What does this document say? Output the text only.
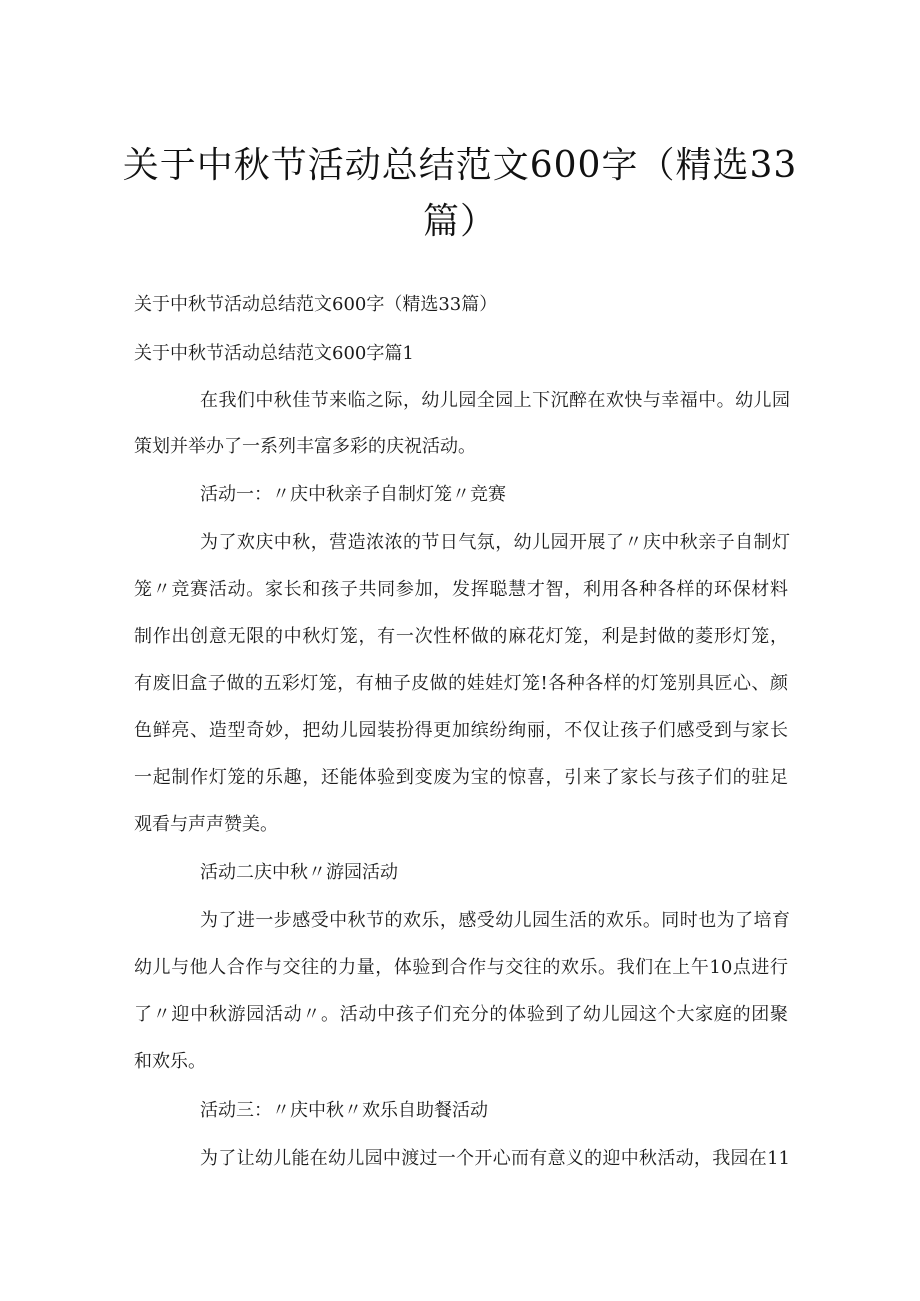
关于中秋节活动总结范文600字（精选33篇）
关于中秋节活动总结范文600字（精选33篇）
关于中秋节活动总结范文600字篇1
在我们中秋佳节来临之际，幼儿园全园上下沉醉在欢快与幸福中。幼儿园
策划并举办了一系列丰富多彩的庆祝活动。
活动一：〃庆中秋亲子自制灯笼〃竞赛
为了欢庆中秋，营造浓浓的节日气氛，幼儿园开展了〃庆中秋亲子自制灯
笼〃竞赛活动。家长和孩子共同参加，发挥聪慧才智，利用各种各样的环保材料
制作出创意无限的中秋灯笼，有一次性杯做的麻花灯笼，利是封做的菱形灯笼，
有废旧盒子做的五彩灯笼，有柚子皮做的娃娃灯笼!各种各样的灯笼别具匠心、颜
色鲜亮、造型奇妙，把幼儿园装扮得更加缤纷绚丽，不仅让孩子们感受到与家长
一起制作灯笼的乐趣，还能体验到变废为宝的惊喜，引来了家长与孩子们的驻足
观看与声声赞美。
活动二庆中秋〃游园活动
为了进一步感受中秋节的欢乐，感受幼儿园生活的欢乐。同时也为了培育
幼儿与他人合作与交往的力量，体验到合作与交往的欢乐。我们在上午10点进行
了〃迎中秋游园活动〃。活动中孩子们充分的体验到了幼儿园这个大家庭的团聚
和欢乐。
活动三：〃庆中秋〃欢乐自助餐活动
为了让幼儿能在幼儿园中渡过一个开心而有意义的迎中秋活动，我园在11
